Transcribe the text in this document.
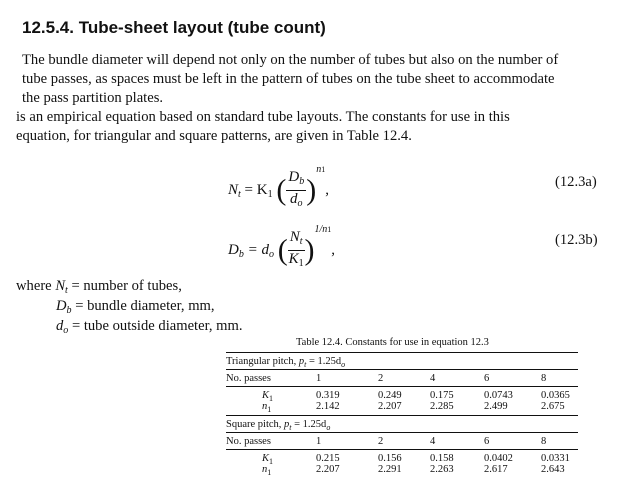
12.5.4. Tube-sheet layout (tube count)
The bundle diameter will depend not only on the number of tubes but also on the number of
tube passes, as spaces must be left in the pattern of tubes on the tube sheet to accommodate
the pass partition plates.
is an empirical equation based on standard tube layouts. The constants for use in this
equation, for triangular and square patterns, are given in Table 12.4.
$N_t = K_1$ ( $\frac{D_b}{d_o} )^{n1}$,	(12.3a)
$D_b = d_o$ ( $\frac{N_t}{K_1} )^{1/n1}$,
(12.3b)
where $N_t$ = number of tubes,
$D_b$ = bundle diameter, mm,
$d_o$ = tube outside diameter, mm.
Table 12.4. Constants for use in equation 12.3
Triangular pitch, $p_t = 1.25d_o$
No. passes	1	2	4	6	8
$K_1$	0.319	0.249	0.175	0.0743	0.0365
$n_1$	2.142	2.207	2.285	2.499	2.675
Square pitch, $p_t = 1.25d_o$
No. passes	1	2	4	6	8
$K_1$	0.215	0.156	0.158	0.0402	0.0331
$n_1$	2.207	2.291	2.263	2.617	2.643
